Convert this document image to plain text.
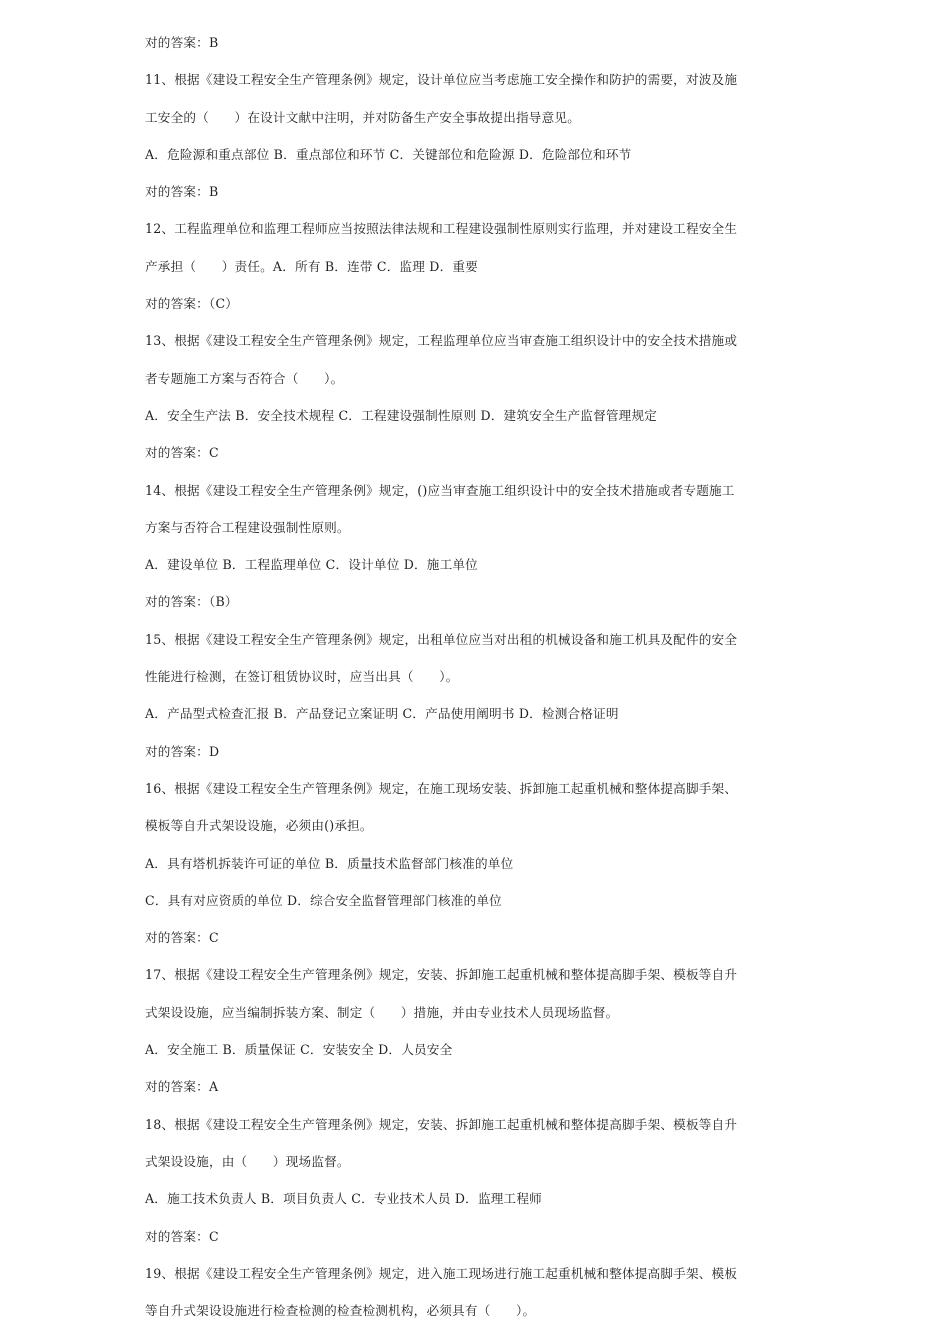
对的答案：B
11、根据《建设工程安全生产管理条例》规定，设计单位应当考虑施工安全操作和防护的需要，对波及施
工安全的（　　）在设计文献中注明，并对防备生产安全事故提出指导意见。
A．危险源和重点部位 B．重点部位和环节 C．关键部位和危险源 D．危险部位和环节
对的答案：B
12、工程监理单位和监理工程师应当按照法律法规和工程建设强制性原则实行监理，并对建设工程安全生
产承担（　　）责任。A．所有 B．连带 C．监理 D．重要
对的答案：（C）
13、根据《建设工程安全生产管理条例》规定，工程监理单位应当审查施工组织设计中的安全技术措施或
者专题施工方案与否符合（　　）。
A．安全生产法 B．安全技术规程 C．工程建设强制性原则 D．建筑安全生产监督管理规定
对的答案：C
14、根据《建设工程安全生产管理条例》规定，()应当审查施工组织设计中的安全技术措施或者专题施工
方案与否符合工程建设强制性原则。
A．建设单位 B．工程监理单位 C．设计单位 D．施工单位
对的答案：（B）
15、根据《建设工程安全生产管理条例》规定，出租单位应当对出租的机械设备和施工机具及配件的安全
性能进行检测，在签订租赁协议时，应当出具（　　）。
A．产品型式检查汇报 B．产品登记立案证明 C．产品使用阐明书 D．检测合格证明
对的答案：D
16、根据《建设工程安全生产管理条例》规定，在施工现场安装、拆卸施工起重机械和整体提高脚手架、
模板等自升式架设设施，必须由()承担。
A．具有塔机拆装许可证的单位 B．质量技术监督部门核准的单位
C．具有对应资质的单位 D．综合安全监督管理部门核准的单位
对的答案：C
17、根据《建设工程安全生产管理条例》规定，安装、拆卸施工起重机械和整体提高脚手架、模板等自升
式架设设施，应当编制拆装方案、制定（　　）措施，并由专业技术人员现场监督。
A．安全施工 B．质量保证 C．安装安全 D．人员安全
对的答案：A
18、根据《建设工程安全生产管理条例》规定，安装、拆卸施工起重机械和整体提高脚手架、模板等自升
式架设设施，由（　　）现场监督。
A．施工技术负责人 B．项目负责人 C．专业技术人员 D．监理工程师
对的答案：C
19、根据《建设工程安全生产管理条例》规定，进入施工现场进行施工起重机械和整体提高脚手架、模板
等自升式架设设施进行检查检测的检查检测机构，必须具有（　　）。
